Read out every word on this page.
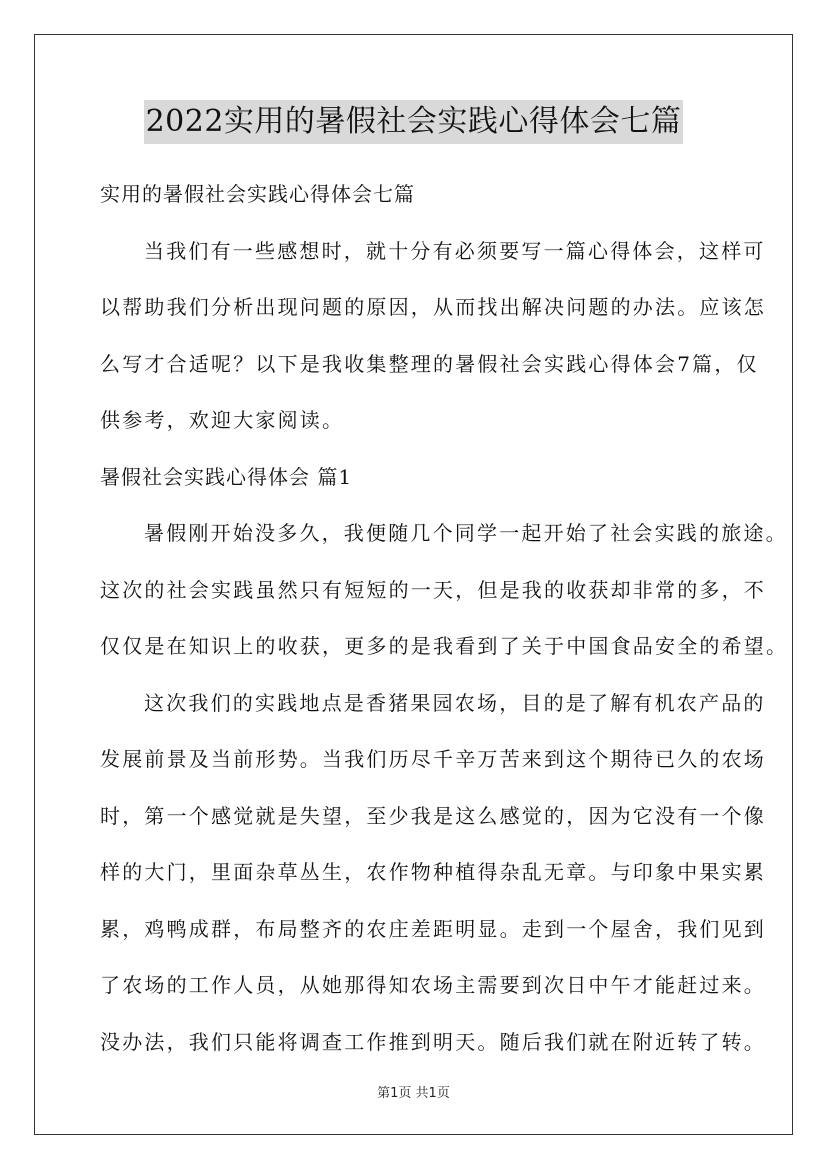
2022实用的暑假社会实践心得体会七篇
实用的暑假社会实践心得体会七篇
当我们有一些感想时，就十分有必须要写一篇心得体会，这样可
以帮助我们分析出现问题的原因，从而找出解决问题的办法。应该怎
么写才合适呢？以下是我收集整理的暑假社会实践心得体会7篇，仅
供参考，欢迎大家阅读。
暑假社会实践心得体会 篇1
暑假刚开始没多久，我便随几个同学一起开始了社会实践的旅途。
这次的社会实践虽然只有短短的一天，但是我的收获却非常的多，不
仅仅是在知识上的收获，更多的是我看到了关于中国食品安全的希望。
这次我们的实践地点是香猪果园农场，目的是了解有机农产品的
发展前景及当前形势。当我们历尽千辛万苦来到这个期待已久的农场
时，第一个感觉就是失望，至少我是这么感觉的，因为它没有一个像
样的大门，里面杂草丛生，农作物种植得杂乱无章。与印象中果实累
累，鸡鸭成群，布局整齐的农庄差距明显。走到一个屋舍，我们见到
了农场的工作人员，从她那得知农场主需要到次日中午才能赶过来。
没办法，我们只能将调查工作推到明天。随后我们就在附近转了转。
第1页 共1页
